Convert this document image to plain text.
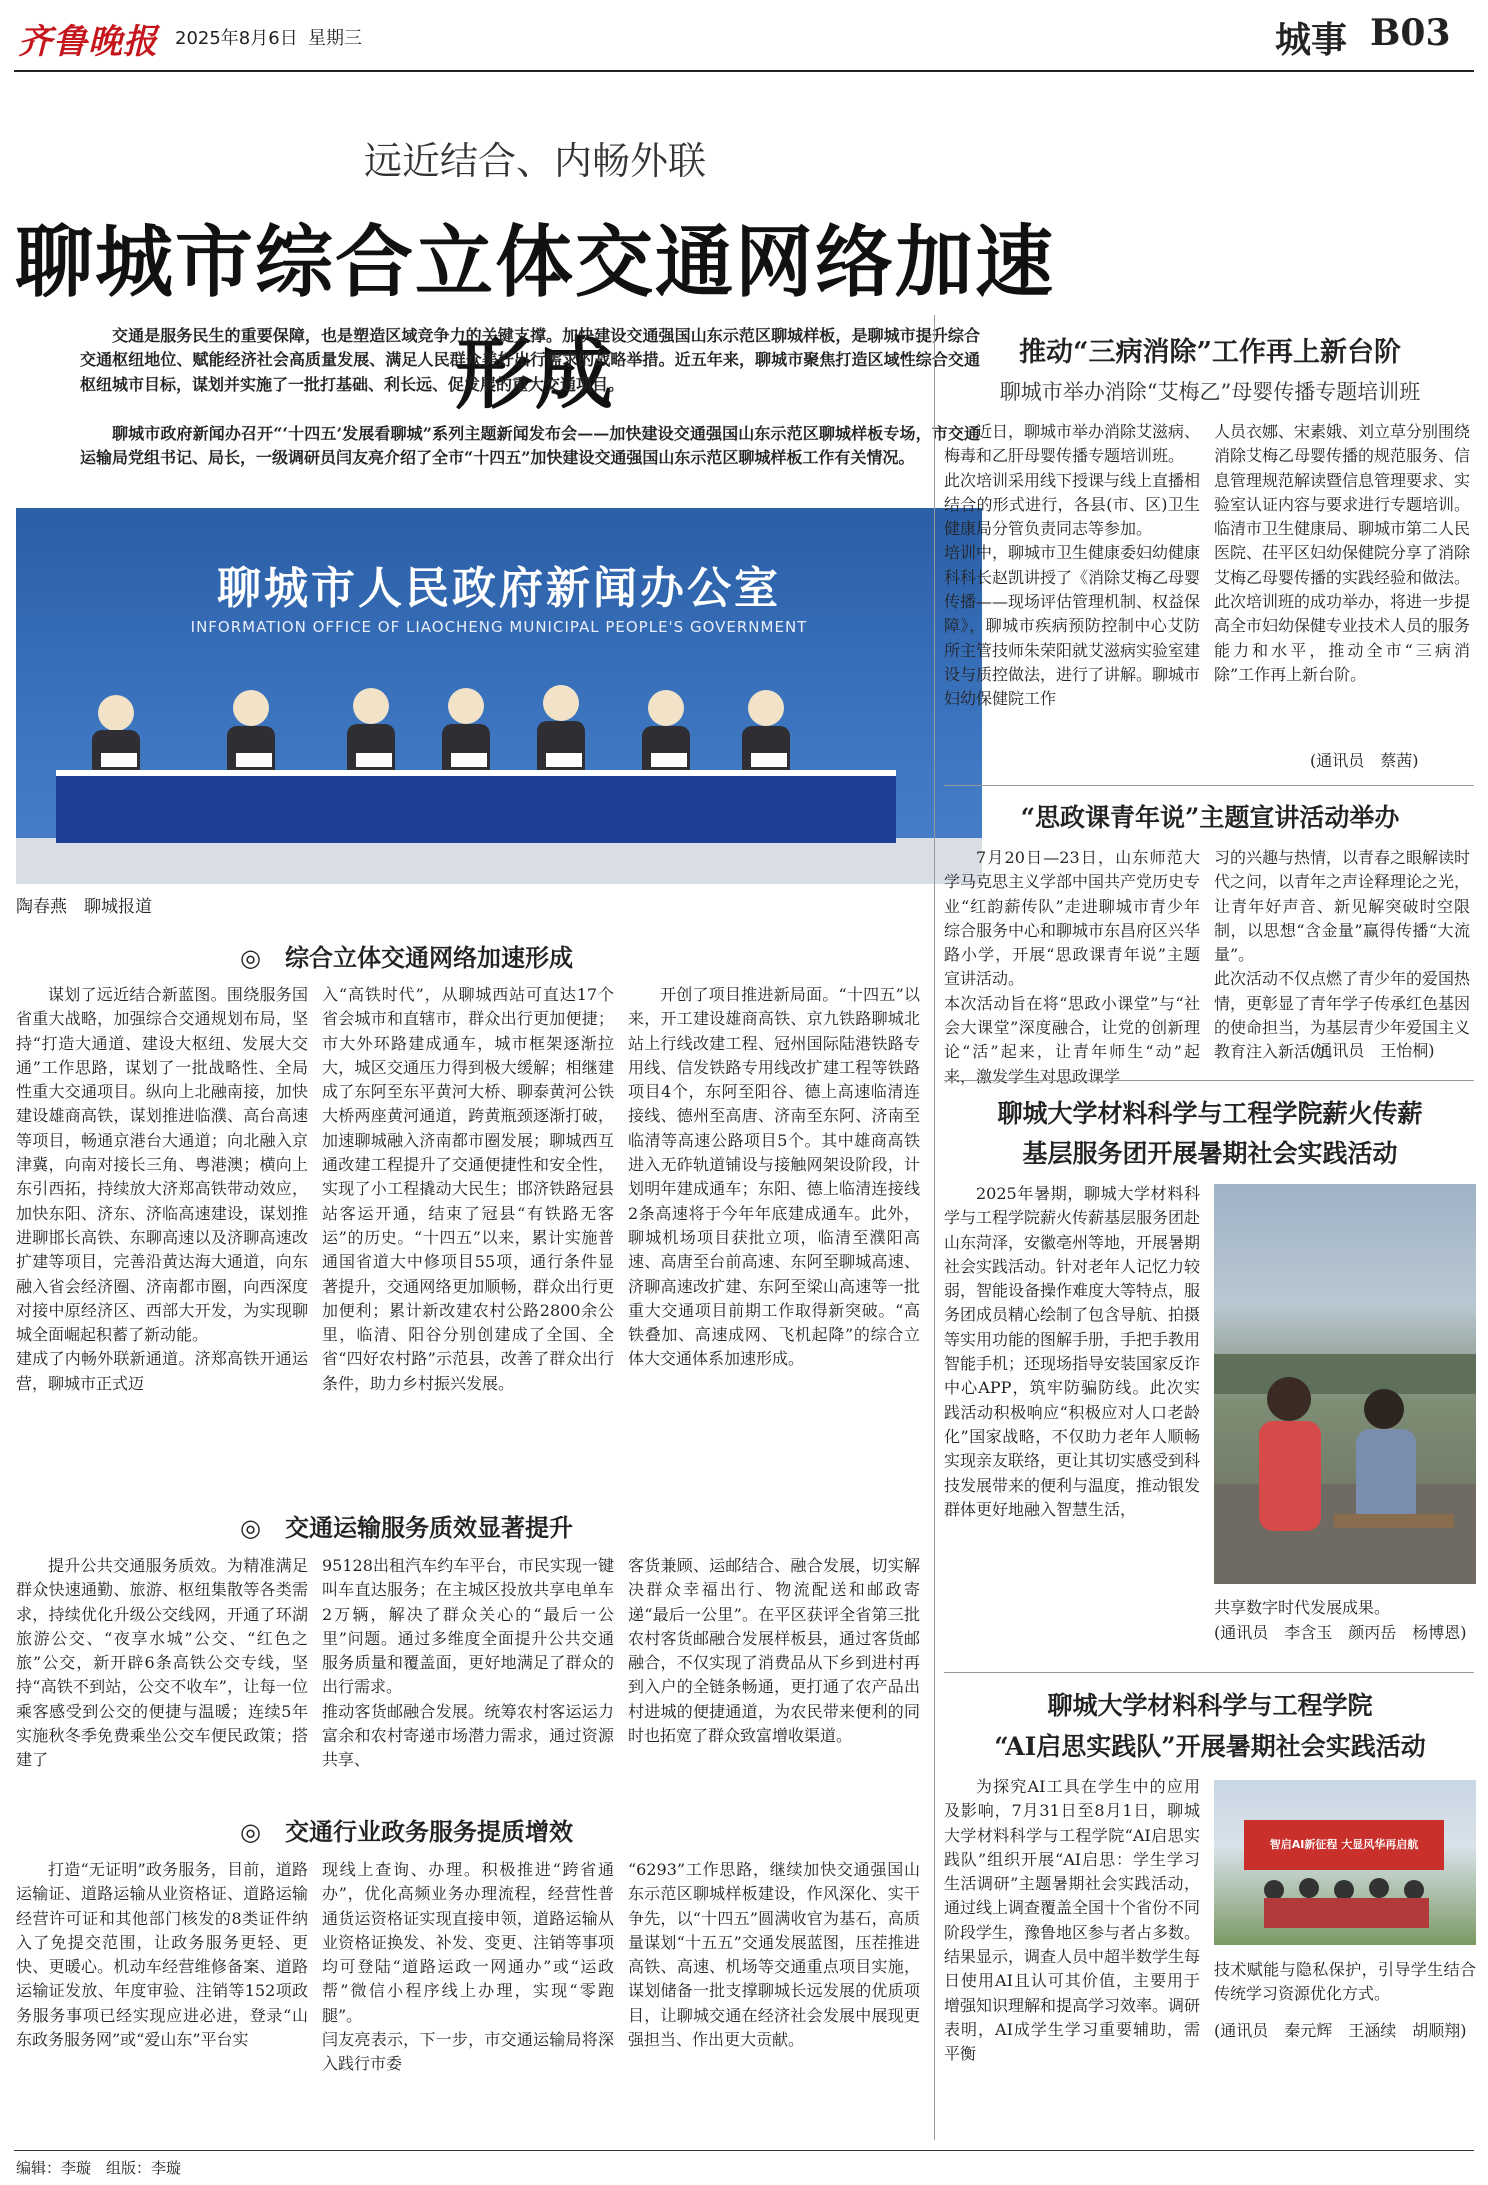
齐鲁晚报 2025年8月6日 星期三	城事 B03
远近结合、内畅外联
聊城市综合立体交通网络加速形成
交通是服务民生的重要保障，也是塑造区域竞争力的关键支撑。加快建设交通强国山东示范区聊城样板，是聊城市提升综合交通枢纽地位、赋能经济社会高质量发展、满足人民群众美好出行需求的战略举措。近五年来，聊城市聚焦打造区域性综合交通枢纽城市目标，谋划并实施了一批打基础、利长远、促发展的重大交通项目。
聊城市政府新闻办召开“‘十四五’发展看聊城”系列主题新闻发布会——加快建设交通强国山东示范区聊城样板专场，市交通运输局党组书记、局长，一级调研员闫友亮介绍了全市“十四五”加快建设交通强国山东示范区聊城样板工作有关情况。
聊城市人民政府新闻办公室
INFORMATION OFFICE OF LIAOCHENG MUNICIPAL PEOPLE'S GOVERNMENT
陶春燕　聊城报道
◎　综合立体交通网络加速形成
谋划了远近结合新蓝图。围绕服务国省重大战略，加强综合交通规划布局，坚持“打造大通道、建设大枢纽、发展大交通”工作思路，谋划了一批战略性、全局性重大交通项目。纵向上北融南接，加快建设雄商高铁，谋划推进临濮、高台高速等项目，畅通京港台大通道；向北融入京津冀，向南对接长三角、粤港澳；横向上东引西拓，持续放大济郑高铁带动效应，加快东阳、济东、济临高速建设，谋划推进聊邯长高铁、东聊高速以及济聊高速改扩建等项目，完善沿黄达海大通道，向东融入省会经济圈、济南都市圈，向西深度对接中原经济区、西部大开发，为实现聊城全面崛起积蓄了新动能。
建成了内畅外联新通道。济郑高铁开通运营，聊城市正式迈
入“高铁时代”，从聊城西站可直达17个省会城市和直辖市，群众出行更加便捷；市大外环路建成通车，城市框架逐渐拉大，城区交通压力得到极大缓解；相继建成了东阿至东平黄河大桥、聊泰黄河公铁大桥两座黄河通道，跨黄瓶颈逐渐打破，加速聊城融入济南都市圈发展；聊城西互通改建工程提升了交通便捷性和安全性，实现了小工程撬动大民生；邯济铁路冠县站客运开通，结束了冠县“有铁路无客运”的历史。“十四五”以来，累计实施普通国省道大中修项目55项，通行条件显著提升，交通网络更加顺畅，群众出行更加便利；累计新改建农村公路2800余公里，临清、阳谷分别创建成了全国、全省“四好农村路”示范县，改善了群众出行条件，助力乡村振兴发展。
开创了项目推进新局面。“十四五”以来，开工建设雄商高铁、京九铁路聊城北站上行线改建工程、冠州国际陆港铁路专用线、信发铁路专用线改扩建工程等铁路项目4个，东阿至阳谷、德上高速临清连接线、德州至高唐、济南至东阿、济南至临清等高速公路项目5个。其中雄商高铁进入无砟轨道铺设与接触网架设阶段，计划明年建成通车；东阳、德上临清连接线2条高速将于今年年底建成通车。此外，聊城机场项目获批立项，临清至濮阳高速、高唐至台前高速、东阿至聊城高速、济聊高速改扩建、东阿至梁山高速等一批重大交通项目前期工作取得新突破。“高铁叠加、高速成网、飞机起降”的综合立体大交通体系加速形成。
◎　交通运输服务质效显著提升
提升公共交通服务质效。为精准满足群众快速通勤、旅游、枢纽集散等各类需求，持续优化升级公交线网，开通了环湖旅游公交、“夜享水城”公交、“红色之旅”公交，新开辟6条高铁公交专线，坚持“高铁不到站，公交不收车”，让每一位乘客感受到公交的便捷与温暖；连续5年实施秋冬季免费乘坐公交车便民政策；搭建了
95128出租汽车约车平台，市民实现一键叫车直达服务；在主城区投放共享电单车2万辆，解决了群众关心的“最后一公里”问题。通过多维度全面提升公共交通服务质量和覆盖面，更好地满足了群众的出行需求。
推动客货邮融合发展。统筹农村客运运力富余和农村寄递市场潜力需求，通过资源共享、
客货兼顾、运邮结合、融合发展，切实解决群众幸福出行、物流配送和邮政寄递“最后一公里”。在平区获评全省第三批农村客货邮融合发展样板县，通过客货邮融合，不仅实现了消费品从下乡到进村再到入户的全链条畅通，更打通了农产品出村进城的便捷通道，为农民带来便利的同时也拓宽了群众致富增收渠道。
◎　交通行业政务服务提质增效
打造“无证明”政务服务，目前，道路运输证、道路运输从业资格证、道路运输经营许可证和其他部门核发的8类证件纳入了免提交范围，让政务服务更轻、更快、更暖心。机动车经营维修备案、道路运输证发放、年度审验、注销等152项政务服务事项已经实现应进必进，登录“山东政务服务网”或“爱山东”平台实
现线上查询、办理。积极推进“跨省通办”，优化高频业务办理流程，经营性普通货运资格证实现直接申领，道路运输从业资格证换发、补发、变更、注销等事项均可登陆“道路运政一网通办”或“运政帮”微信小程序线上办理，实现“零跑腿”。
闫友亮表示，下一步，市交通运输局将深入践行市委
“6293”工作思路，继续加快交通强国山东示范区聊城样板建设，作风深化、实干争先，以“十四五”圆满收官为基石，高质量谋划“十五五”交通发展蓝图，压茬推进高铁、高速、机场等交通重点项目实施，谋划储备一批支撑聊城长远发展的优质项目，让聊城交通在经济社会发展中展现更强担当、作出更大贡献。
推动“三病消除”工作再上新台阶
聊城市举办消除“艾梅乙”母婴传播专题培训班
近日，聊城市举办消除艾滋病、梅毒和乙肝母婴传播专题培训班。
此次培训采用线下授课与线上直播相结合的形式进行，各县(市、区)卫生健康局分管负责同志等参加。
培训中，聊城市卫生健康委妇幼健康科科长赵凯讲授了《消除艾梅乙母婴传播——现场评估管理机制、权益保障》，聊城市疾病预防控制中心艾防所主管技师朱荣阳就艾滋病实验室建设与质控做法，进行了讲解。聊城市妇幼保健院工作
人员衣娜、宋素娥、刘立草分别围绕消除艾梅乙母婴传播的规范服务、信息管理规范解读暨信息管理要求、实验室认证内容与要求进行专题培训。临清市卫生健康局、聊城市第二人民医院、茌平区妇幼保健院分享了消除艾梅乙母婴传播的实践经验和做法。
此次培训班的成功举办，将进一步提高全市妇幼保健专业技术人员的服务能力和水平，推动全市“三病消除”工作再上新台阶。
(通讯员　蔡茜)
“思政课青年说”主题宣讲活动举办
7月20日—23日，山东师范大学马克思主义学部中国共产党历史专业“红韵薪传队”走进聊城市青少年综合服务中心和聊城市东昌府区兴华路小学，开展“思政课青年说”主题宣讲活动。
本次活动旨在将“思政小课堂”与“社会大课堂”深度融合，让党的创新理论“活”起来，让青年师生“动”起来，激发学生对思政课学
习的兴趣与热情，以青春之眼解读时代之问，以青年之声诠释理论之光，让青年好声音、新见解突破时空限制，以思想“含金量”赢得传播“大流量”。
此次活动不仅点燃了青少年的爱国热情，更彰显了青年学子传承红色基因的使命担当，为基层青少年爱国主义教育注入新活力。
(通讯员　王怡桐)
聊城大学材料科学与工程学院薪火传薪
基层服务团开展暑期社会实践活动
2025年暑期，聊城大学材料科学与工程学院薪火传薪基层服务团赴山东菏泽，安徽亳州等地，开展暑期社会实践活动。针对老年人记忆力较弱，智能设备操作难度大等特点，服务团成员精心绘制了包含导航、拍摄等实用功能的图解手册，手把手教用智能手机；还现场指导安装国家反诈中心APP，筑牢防骗防线。此次实践活动积极响应“积极应对人口老龄化”国家战略，不仅助力老年人顺畅实现亲友联络，更让其切实感受到科技发展带来的便利与温度，推动银发群体更好地融入智慧生活，
共享数字时代发展成果。
(通讯员　李含玉　颜丙岳　杨博恩)
聊城大学材料科学与工程学院
“AI启思实践队”开展暑期社会实践活动
为探究AI工具在学生中的应用及影响，7月31日至8月1日，聊城大学材料科学与工程学院“AI启思实践队”组织开展“AI启思：学生学习生活调研”主题暑期社会实践活动，通过线上调查覆盖全国十个省份不同阶段学生，豫鲁地区参与者占多数。
结果显示，调查人员中超半数学生每日使用AI且认可其价值，主要用于增强知识理解和提高学习效率。调研表明，AI成学生学习重要辅助，需平衡
智启AI新征程 大显风华再启航
技术赋能与隐私保护，引导学生结合传统学习资源优化方式。
(通讯员　秦元辉　王涵续　胡顺翔)
编辑：李璇　组版：李璇
